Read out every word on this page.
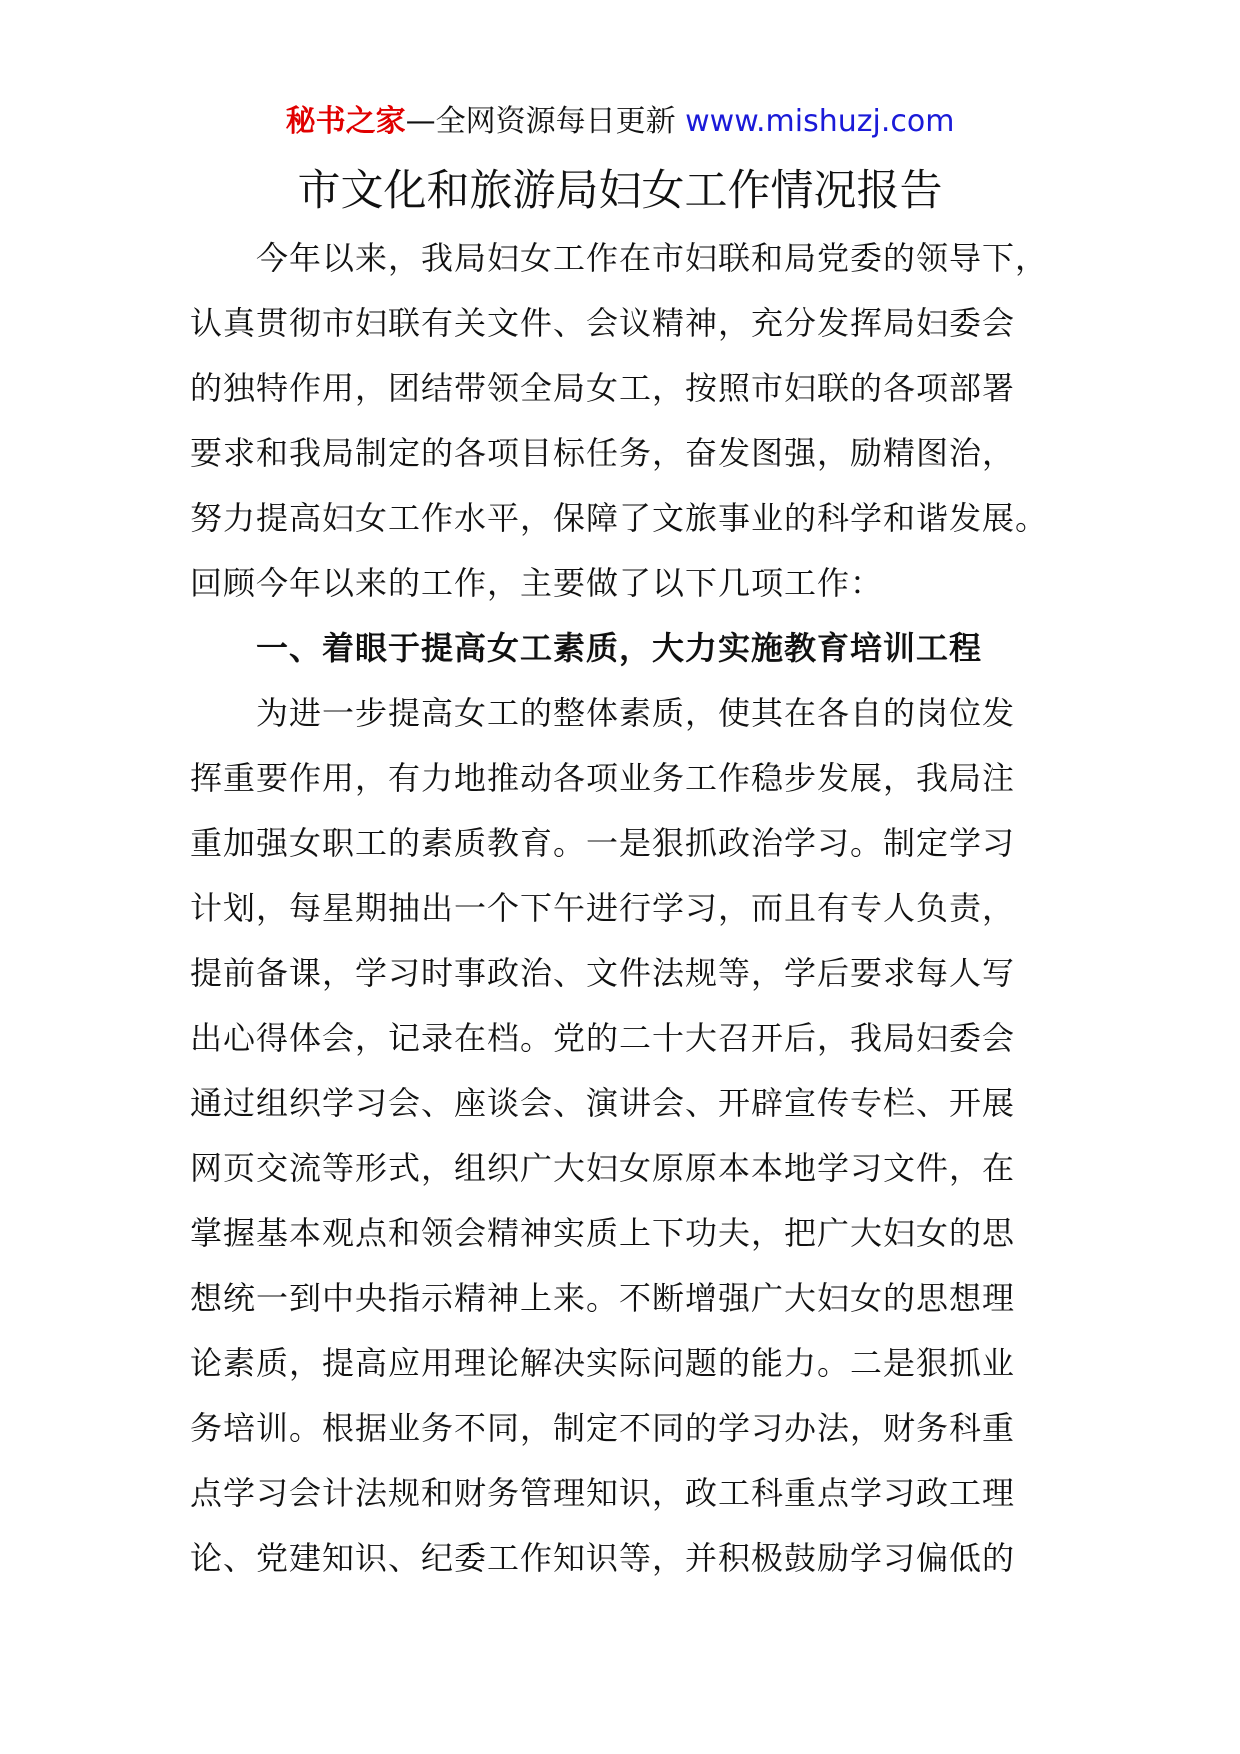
秘书之家—全网资源每日更新 www.mishuzj.com
市文化和旅游局妇女工作情况报告
今年以来，我局妇女工作在市妇联和局党委的领导下，
认真贯彻市妇联有关文件、会议精神，充分发挥局妇委会
的独特作用，团结带领全局女工，按照市妇联的各项部署
要求和我局制定的各项目标任务，奋发图强，励精图治，
努力提高妇女工作水平，保障了文旅事业的科学和谐发展。
回顾今年以来的工作，主要做了以下几项工作：
一、着眼于提高女工素质，大力实施教育培训工程
为进一步提高女工的整体素质，使其在各自的岗位发
挥重要作用，有力地推动各项业务工作稳步发展，我局注
重加强女职工的素质教育。一是狠抓政治学习。制定学习
计划，每星期抽出一个下午进行学习，而且有专人负责，
提前备课，学习时事政治、文件法规等，学后要求每人写
出心得体会，记录在档。党的二十大召开后，我局妇委会
通过组织学习会、座谈会、演讲会、开辟宣传专栏、开展
网页交流等形式，组织广大妇女原原本本地学习文件，在
掌握基本观点和领会精神实质上下功夫，把广大妇女的思
想统一到中央指示精神上来。不断增强广大妇女的思想理
论素质，提高应用理论解决实际问题的能力。二是狠抓业
务培训。根据业务不同，制定不同的学习办法，财务科重
点学习会计法规和财务管理知识，政工科重点学习政工理
论、党建知识、纪委工作知识等，并积极鼓励学习偏低的
